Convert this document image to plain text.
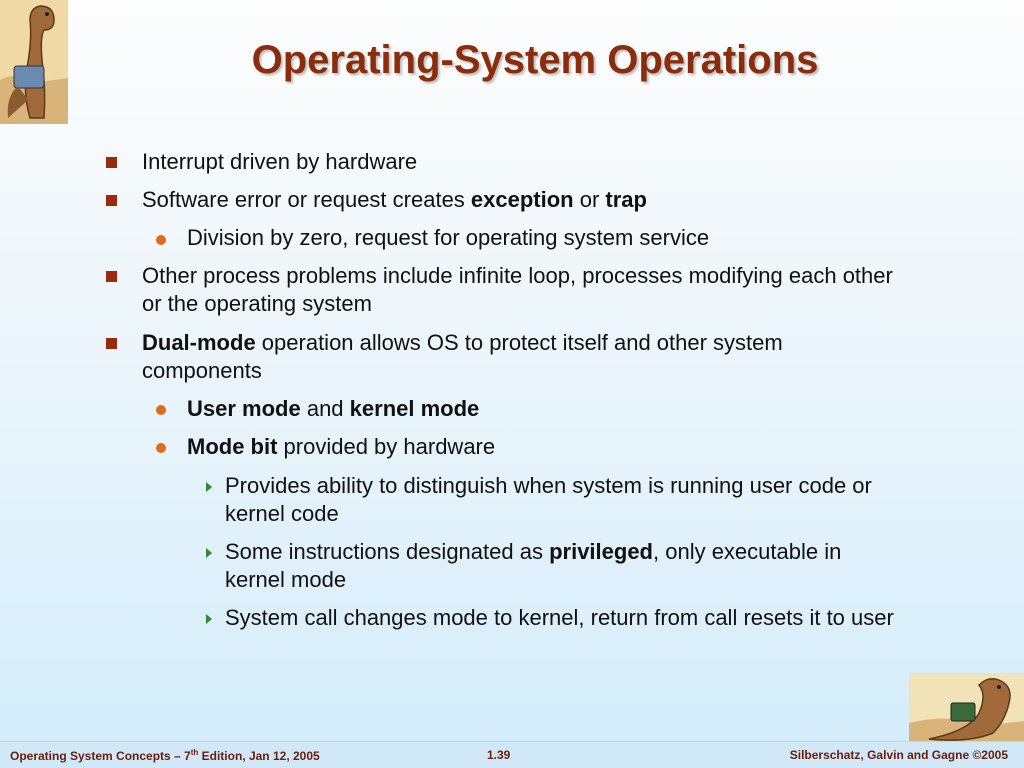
Operating-System Operations
Interrupt driven by hardware
Software error or request creates exception or trap
Division by zero, request for operating system service
Other process problems include infinite loop, processes modifying each other or the operating system
Dual-mode operation allows OS to protect itself and other system components
User mode and kernel mode
Mode bit provided by hardware
Provides ability to distinguish when system is running user code or kernel code
Some instructions designated as privileged, only executable in kernel mode
System call changes mode to kernel, return from call resets it to user
Operating System Concepts – 7th Edition, Jan 12, 2005	1.39	Silberschatz, Galvin and Gagne ©2005
